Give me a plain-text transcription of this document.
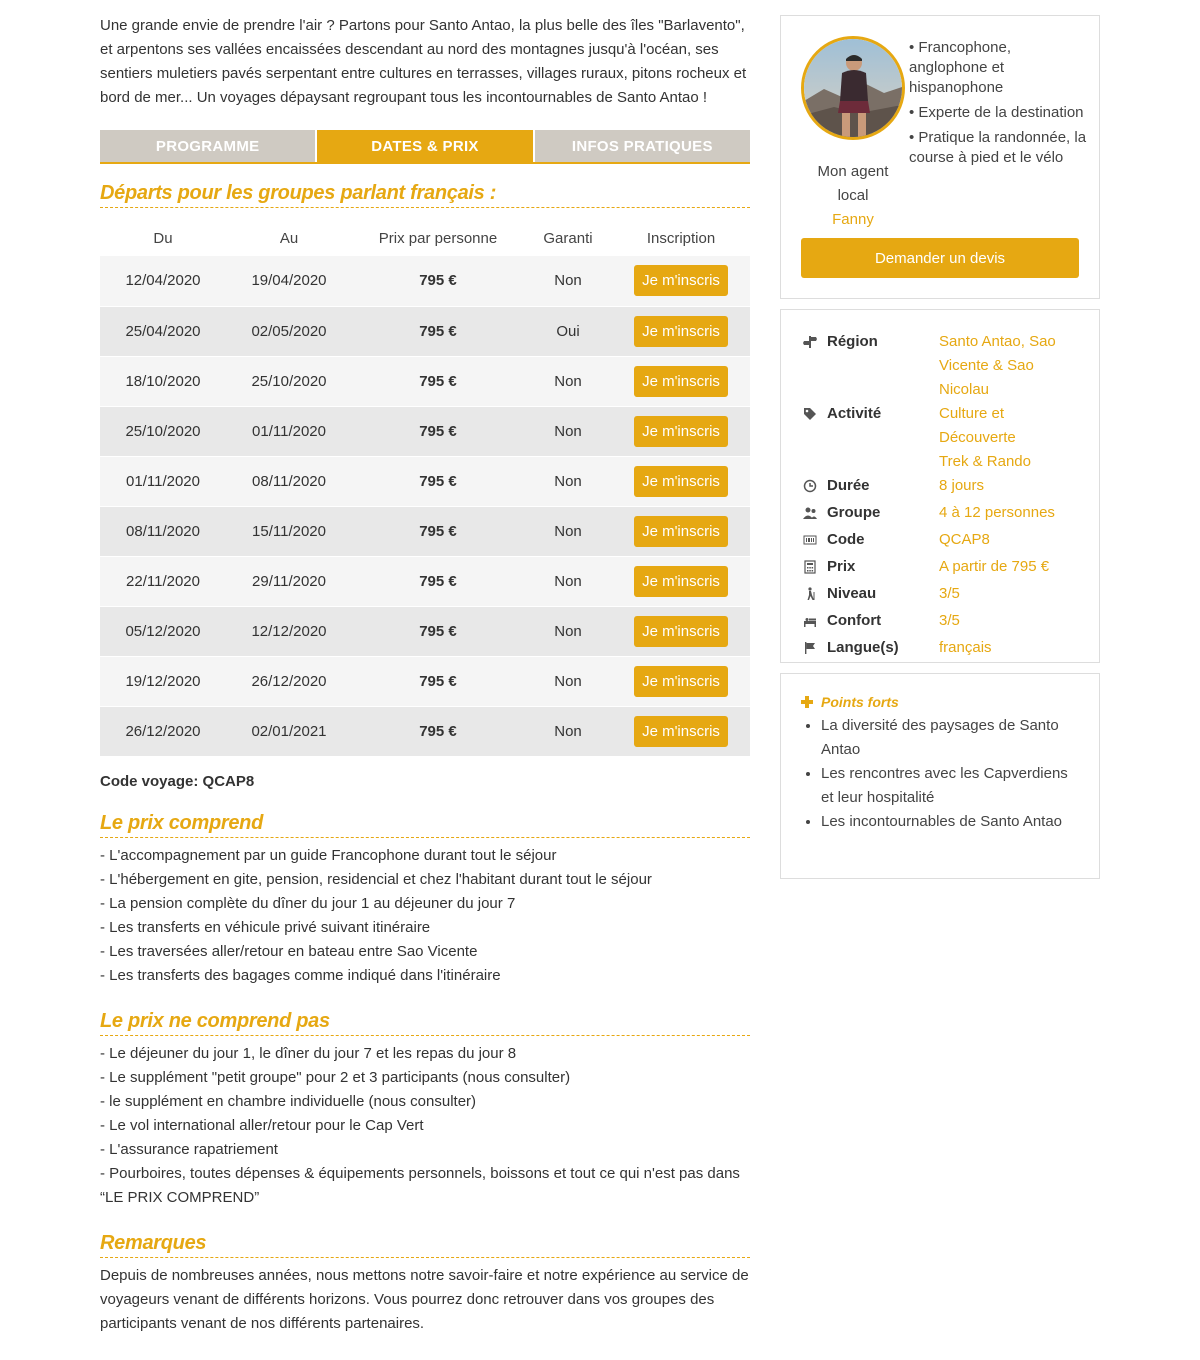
Une grande envie de prendre l'air ? Partons pour Santo Antao, la plus belle des îles "Barlavento", et arpentons ses vallées encaissées descendant au nord des montagnes jusqu'à l'océan, ses sentiers muletiers pavés serpentant entre cultures en terrasses, villages ruraux, pitons rocheux et bord de mer... Un voyages dépaysant regroupant tous les incontournables de Santo Antao !

PROGRAMME	DATES & PRIX	INFOS PRATIQUES
Départs pour les groupes parlant français :
Du	Au	Prix par personne	Garanti	Inscription
12/04/2020	19/04/2020	795 €	Non	Je m'inscris
25/04/2020	02/05/2020	795 €	Oui	Je m'inscris
18/10/2020	25/10/2020	795 €	Non	Je m'inscris
25/10/2020	01/11/2020	795 €	Non	Je m'inscris
01/11/2020	08/11/2020	795 €	Non	Je m'inscris
08/11/2020	15/11/2020	795 €	Non	Je m'inscris
22/11/2020	29/11/2020	795 €	Non	Je m'inscris
05/12/2020	12/12/2020	795 €	Non	Je m'inscris
19/12/2020	26/12/2020	795 €	Non	Je m'inscris
26/12/2020	02/01/2021	795 €	Non	Je m'inscris

Code voyage: QCAP8

Le prix comprend
- L'accompagnement par un guide Francophone durant tout le séjour
- L'hébergement en gite, pension, residencial et chez l'habitant durant tout le séjour
- La pension complète du dîner du jour 1 au déjeuner du jour 7
- Les transferts en véhicule privé suivant itinéraire
- Les traversées aller/retour en bateau entre Sao Vicente
- Les transferts des bagages comme indiqué dans l'itinéraire
Le prix ne comprend pas
- Le déjeuner du jour 1, le dîner du jour 7 et les repas du jour 8
- Le supplément "petit groupe" pour 2 et 3 participants (nous consulter)
- le supplément en chambre individuelle (nous consulter)
- Le vol international aller/retour pour le Cap Vert
- L'assurance rapatriement
- Pourboires, toutes dépenses & équipements personnels, boissons et tout ce qui n'est pas dans “LE PRIX COMPREND”
Remarques

Depuis de nombreuses années, nous mettons notre savoir-faire et notre expérience au service de voyageurs venant de différents horizons. Vous pourrez donc retrouver dans vos groupes des participants venant de nos différents partenaires.

Mon agent local
Fanny
• Francophone, anglophone et hispanophone
• Experte de la destination
• Pratique la randonnée, la course à pied et le vélo
Demander un devis
	Région	Santo Antao, Sao Vicente & Sao Nicolau
	Activité	Culture et Découverte
Trek & Rando
	Durée	8 jours
	Groupe	4 à 12 personnes
	Code	QCAP8
	Prix	A partir de 795 €
	Niveau	3/5
	Confort	3/5
	Langue(s)	français
Points forts
• La diversité des paysages de Santo Antao
• Les rencontres avec les Capverdiens et leur hospitalité
• Les incontournables de Santo Antao
